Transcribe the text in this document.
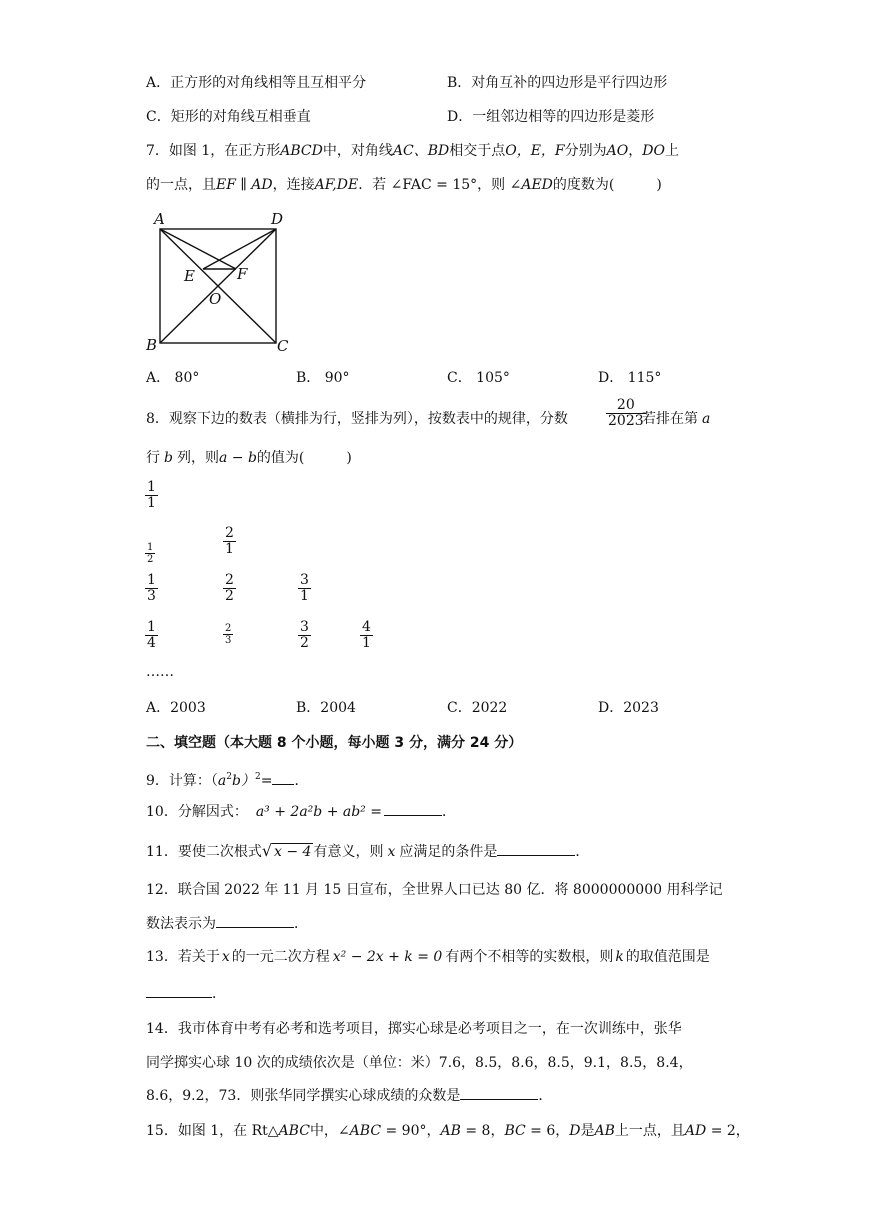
A．正方形的对角线相等且互相平分	B．对角互补的四边形是平行四边形
C．矩形的对角线互相垂直	D．一组邻边相等的四边形是菱形
7．如图 1，在正方形ABCD中，对角线AC、BD相交于点O，E，F分别为AO，DO上
的一点，且EF ∥ AD，连接AF,DE．若 ∠FAC = 15°，则 ∠AED的度数为(　　　)
A	D
B	C
E	F
O
A． 80°	B． 90°	C． 105°	D． 115°
8．观察下边的数表（横排为行，竖排为列），按数表中的规律，分数	$\frac{20}{2023}$
若排在第 a
行 b 列，则a − b的值为(　　　)
$\frac{1}{1}$
$\frac{1}{2}$	$\frac{2}{1}$
$\frac{1}{3}$	$\frac{2}{2}$	$\frac{3}{1}$
$\frac{1}{4}$	$\frac{2}{3}$	$\frac{3}{2}$	$\frac{4}{1}$
……
A．2003	B．2004	C．2022	D．2023
二、填空题（本大题 8 个小题，每小题 3 分，满分 24 分）
9．计算：$(a^2b)^2=$ ．
10．分解因式： a³ + 2a²b + ab² =	．
11．要使二次根式√ x − 4 有意义，则 x 应满足的条件是	．
12．联合国 2022 年 11 月 15 日宣布，全世界人口已达 80 亿．将 8000000000 用科学记
数法表示为	．
13．若关于 x 的一元二次方程 x² − 2x + k = 0 有两个不相等的实数根，则 k 的取值范围是
．
14．我市体育中考有必考和选考项目，掷实心球是必考项目之一，在一次训练中，张华
同学掷实心球 10 次的成绩依次是（单位：米）7.6，8.5，8.6，8.5，9.1，8.5，8.4，
8.6，9.2，73．则张华同学撰实心球成绩的众数是	．
15．如图 1，在 Rt△ABC中，∠ABC = 90°，AB = 8，BC = 6，D是AB上一点，且AD = 2，
